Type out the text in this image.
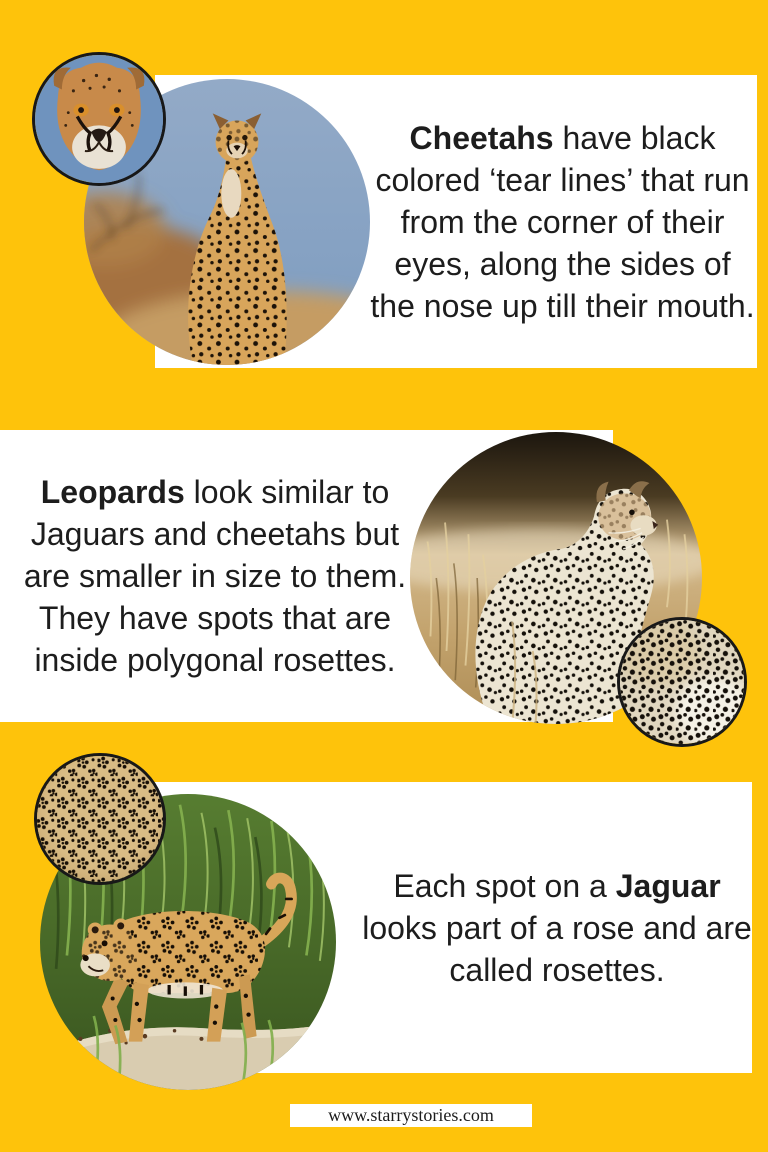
Cheetahs have black colored ‘tear lines’ that run from the corner of their eyes, along the sides of the nose up till their mouth.
Leopards look similar to Jaguars and cheetahs but are smaller in size to them. They have spots that are inside polygonal rosettes.
Each spot on a Jaguar looks part of a rose and are called rosettes.
www.starrystories.com
